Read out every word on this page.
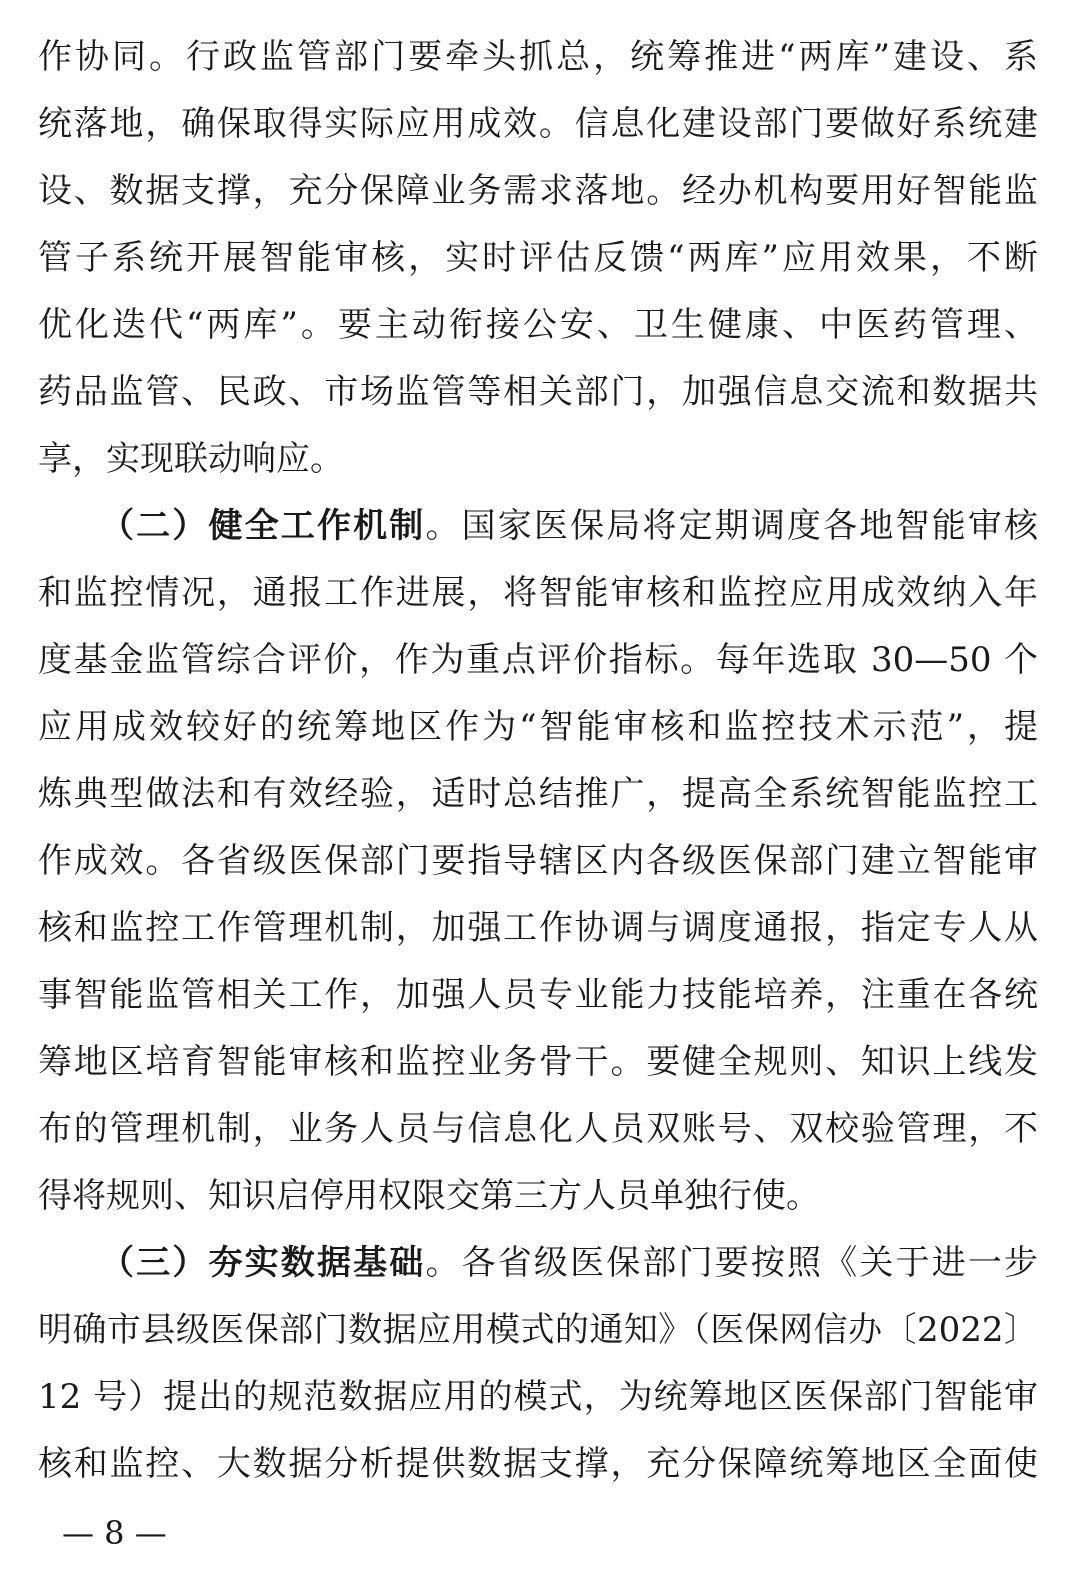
作协同。行政监管部门要牵头抓总，统筹推进“两库”建设、系
统落地，确保取得实际应用成效。信息化建设部门要做好系统建
设、数据支撑，充分保障业务需求落地。经办机构要用好智能监
管子系统开展智能审核，实时评估反馈“两库”应用效果，不断
优化迭代“两库”。要主动衔接公安、卫生健康、中医药管理、
药品监管、民政、市场监管等相关部门，加强信息交流和数据共
享，实现联动响应。
（二）健全工作机制。国家医保局将定期调度各地智能审核
和监控情况，通报工作进展，将智能审核和监控应用成效纳入年
度基金监管综合评价，作为重点评价指标。每年选取 30—50 个
应用成效较好的统筹地区作为“智能审核和监控技术示范”，提
炼典型做法和有效经验，适时总结推广，提高全系统智能监控工
作成效。各省级医保部门要指导辖区内各级医保部门建立智能审
核和监控工作管理机制，加强工作协调与调度通报，指定专人从
事智能监管相关工作，加强人员专业能力技能培养，注重在各统
筹地区培育智能审核和监控业务骨干。要健全规则、知识上线发
布的管理机制，业务人员与信息化人员双账号、双校验管理，不
得将规则、知识启停用权限交第三方人员单独行使。
（三）夯实数据基础。各省级医保部门要按照《关于进一步
明确市县级医保部门数据应用模式的通知》（医保网信办〔2022〕
12 号）提出的规范数据应用的模式，为统筹地区医保部门智能审
核和监控、大数据分析提供数据支撑，充分保障统筹地区全面使
— 8 —
